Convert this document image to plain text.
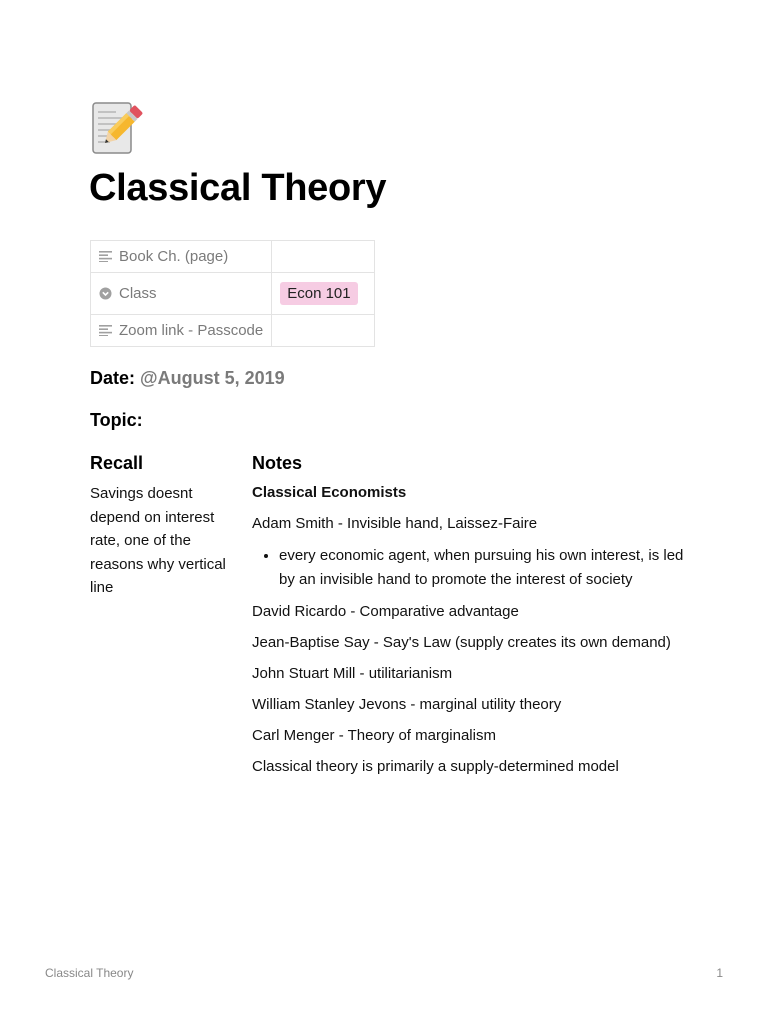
Classical Theory
Book Ch. (page)	
Class	Econ 101
Zoom link - Passcode	
Date: @August 5, 2019
Topic:
Recall	Notes
Savings doesnt depend on interest rate, one of the reasons why vertical line

Classical Economists

Adam Smith - Invisible hand, Laissez-Faire

• every economic agent, when pursuing his own interest, is led by an invisible hand to promote the interest of society

David Ricardo - Comparative advantage

Jean-Baptise Say - Say's Law (supply creates its own demand)

John Stuart Mill - utilitarianism

William Stanley Jevons - marginal utility theory

Carl Menger - Theory of marginalism

Classical theory is primarily a supply-determined model

Classical Theory	1
